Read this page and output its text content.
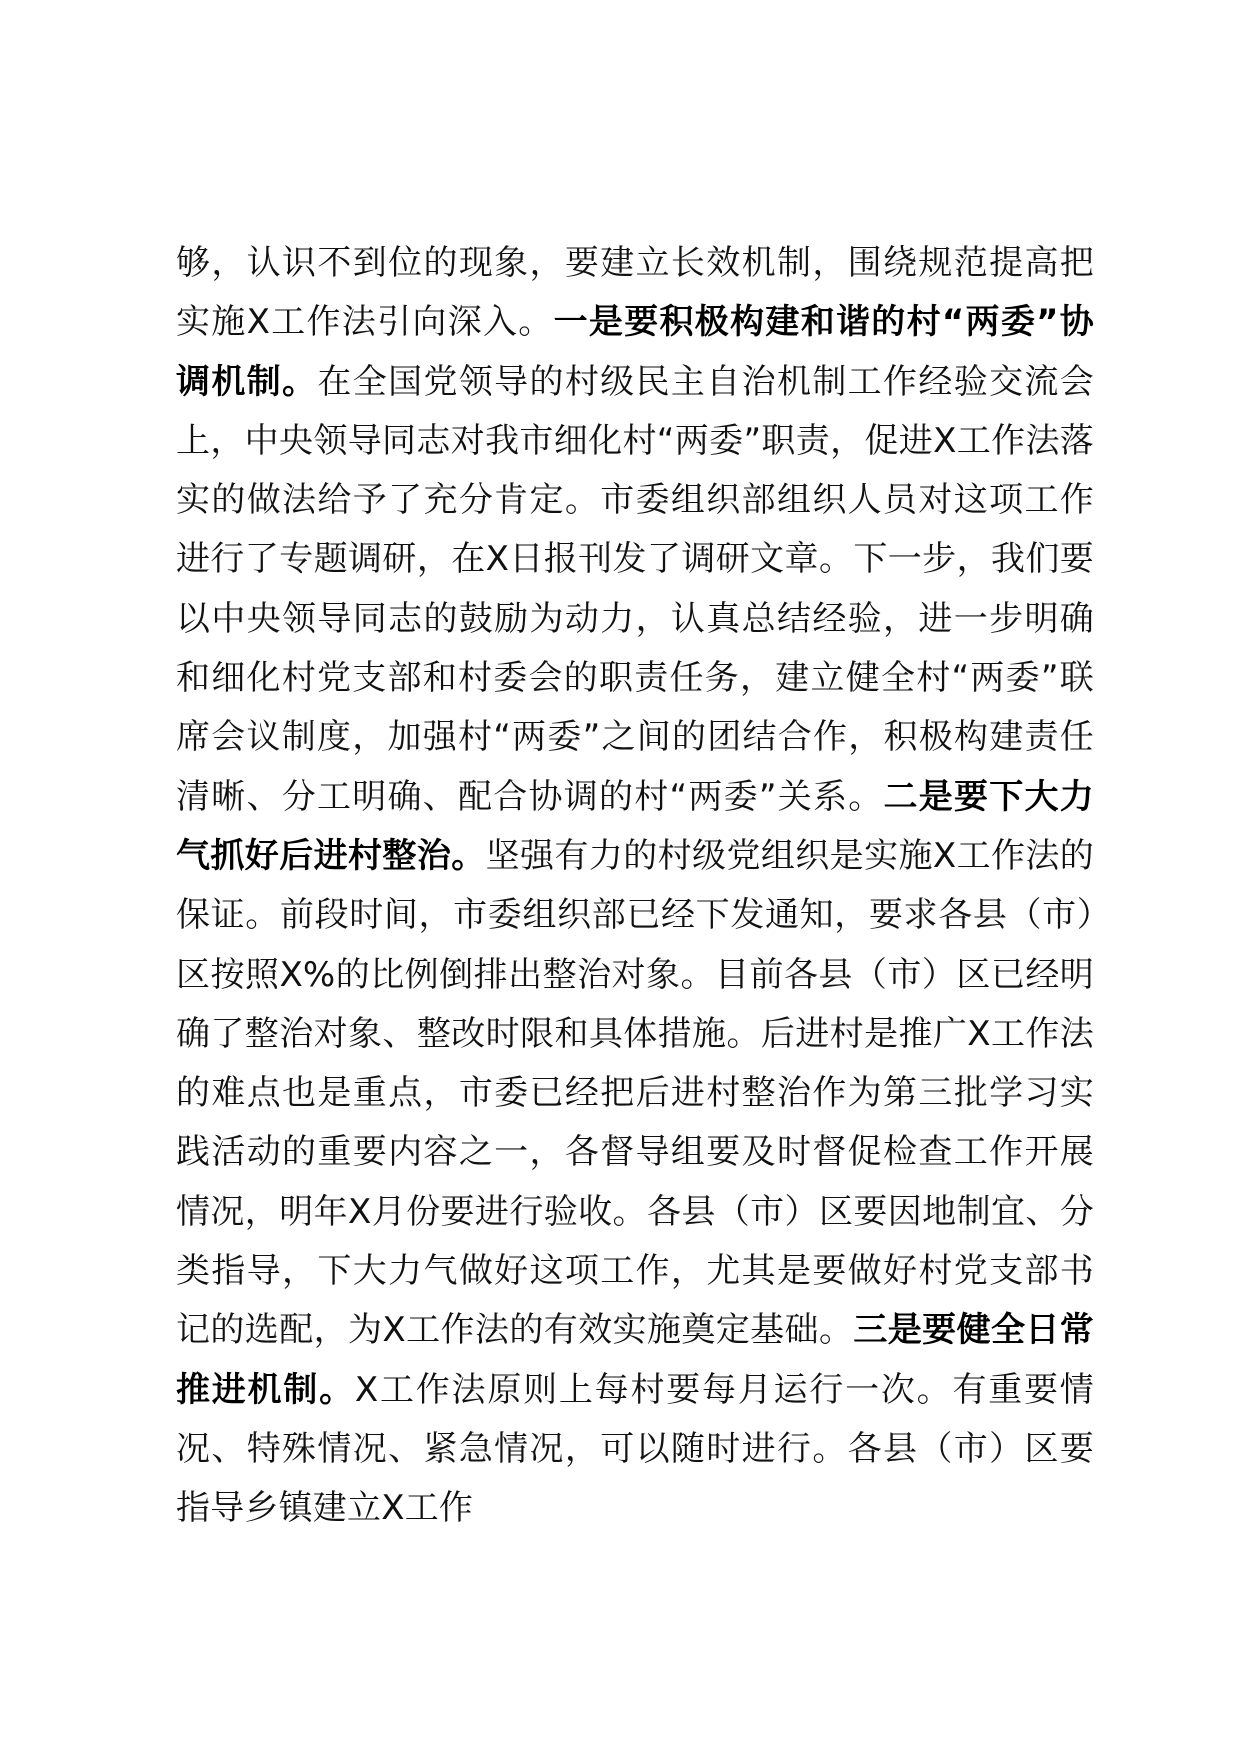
够，认识不到位的现象，要建立长效机制，围绕规范提高把实施X工作法引向深入。一是要积极构建和谐的村“两委”协调机制。在全国党领导的村级民主自治机制工作经验交流会上，中央领导同志对我市细化村“两委”职责，促进X工作法落实的做法给予了充分肯定。市委组织部组织人员对这项工作进行了专题调研，在X日报刊发了调研文章。下一步，我们要以中央领导同志的鼓励为动力，认真总结经验，进一步明确和细化村党支部和村委会的职责任务，建立健全村“两委”联席会议制度，加强村“两委”之间的团结合作，积极构建责任清晰、分工明确、配合协调的村“两委”关系。二是要下大力气抓好后进村整治。坚强有力的村级党组织是实施X工作法的保证。前段时间，市委组织部已经下发通知，要求各县（市）区按照X%的比例倒排出整治对象。目前各县（市）区已经明确了整治对象、整改时限和具体措施。后进村是推广X工作法的难点也是重点，市委已经把后进村整治作为第三批学习实践活动的重要内容之一，各督导组要及时督促检查工作开展情况，明年X月份要进行验收。各县（市）区要因地制宜、分类指导，下大力气做好这项工作，尤其是要做好村党支部书记的选配，为X工作法的有效实施奠定基础。三是要健全日常推进机制。X工作法原则上每村要每月运行一次。有重要情况、特殊情况、紧急情况，可以随时进行。各县（市）区要指导乡镇建立X工作
